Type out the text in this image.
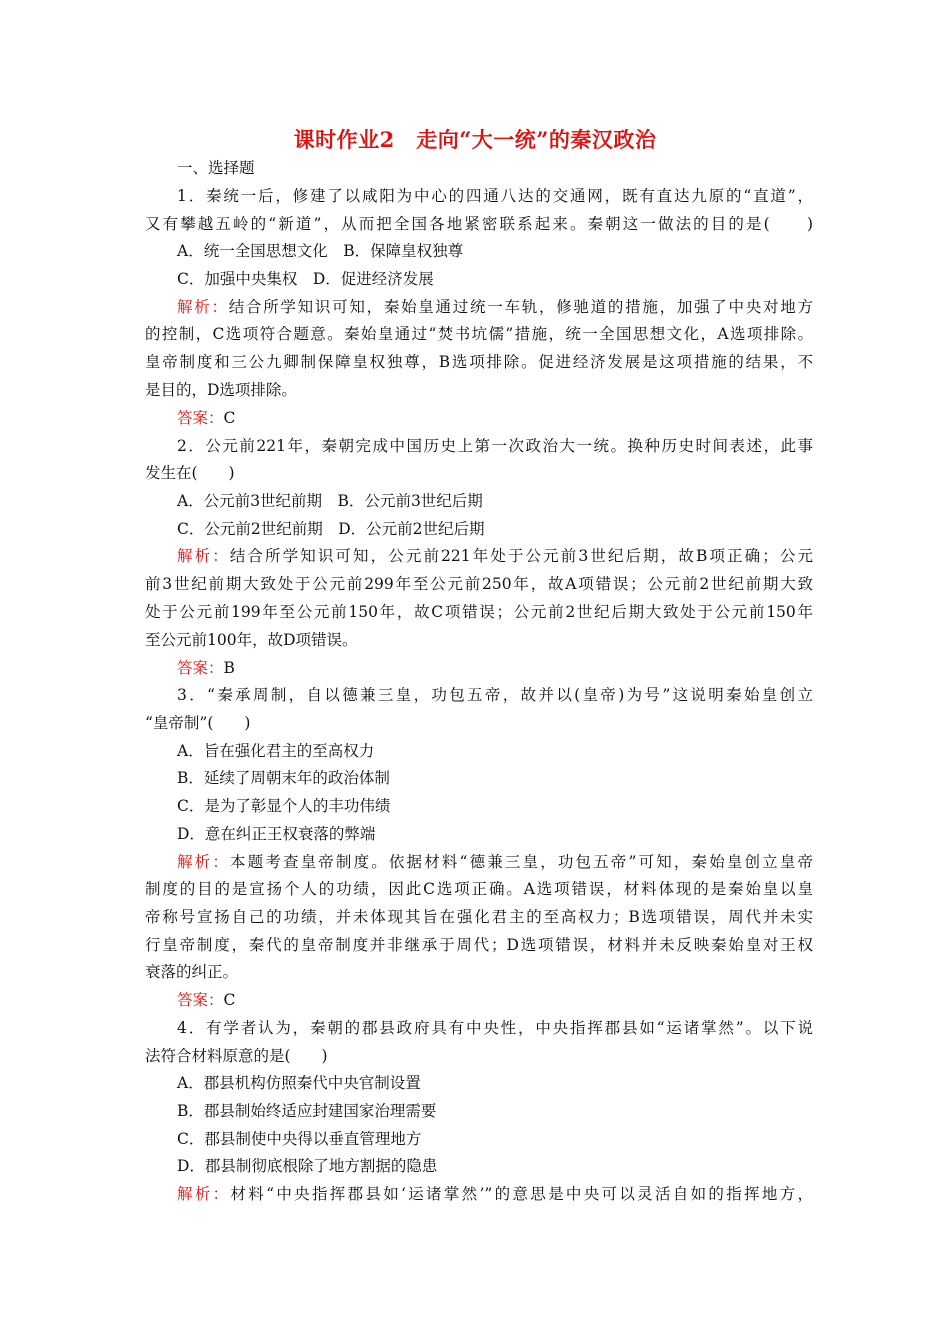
课时作业2　走向“大一统”的秦汉政治
一、选择题
1．秦统一后，修建了以咸阳为中心的四通八达的交通网，既有直达九原的“直道”，
又有攀越五岭的“新道”，从而把全国各地紧密联系起来。秦朝这一做法的目的是(　　)
A．统一全国思想文化　B．保障皇权独尊
C．加强中央集权　D．促进经济发展
解析：结合所学知识可知，秦始皇通过统一车轨，修驰道的措施，加强了中央对地方
的控制，C选项符合题意。秦始皇通过“焚书坑儒”措施，统一全国思想文化，A选项排除。
皇帝制度和三公九卿制保障皇权独尊，B选项排除。促进经济发展是这项措施的结果，不
是目的，D选项排除。
答案：C
2．公元前221年，秦朝完成中国历史上第一次政治大一统。换种历史时间表述，此事
发生在(　　)
A．公元前3世纪前期　B．公元前3世纪后期
C．公元前2世纪前期　D．公元前2世纪后期
解析：结合所学知识可知，公元前221年处于公元前3世纪后期，故B项正确；公元
前3世纪前期大致处于公元前299年至公元前250年，故A项错误；公元前2世纪前期大致
处于公元前199年至公元前150年，故C项错误；公元前2世纪后期大致处于公元前150年
至公元前100年，故D项错误。
答案：B
3．“秦承周制，自以德兼三皇，功包五帝，故并以(皇帝)为号”这说明秦始皇创立
“皇帝制”(　　)
A．旨在强化君主的至高权力
B．延续了周朝末年的政治体制
C．是为了彰显个人的丰功伟绩
D．意在纠正王权衰落的弊端
解析：本题考查皇帝制度。依据材料“德兼三皇，功包五帝”可知，秦始皇创立皇帝
制度的目的是宣扬个人的功绩，因此C选项正确。A选项错误，材料体现的是秦始皇以皇
帝称号宣扬自己的功绩，并未体现其旨在强化君主的至高权力；B选项错误，周代并未实
行皇帝制度，秦代的皇帝制度并非继承于周代；D选项错误，材料并未反映秦始皇对王权
衰落的纠正。
答案：C
4．有学者认为，秦朝的郡县政府具有中央性，中央指挥郡县如“运诸掌然”。以下说
法符合材料原意的是(　　)
A．郡县机构仿照秦代中央官制设置
B．郡县制始终适应封建国家治理需要
C．郡县制使中央得以垂直管理地方
D．郡县制彻底根除了地方割据的隐患
解析：材料“中央指挥郡县如‘运诸掌然’”的意思是中央可以灵活自如的指挥地方，
